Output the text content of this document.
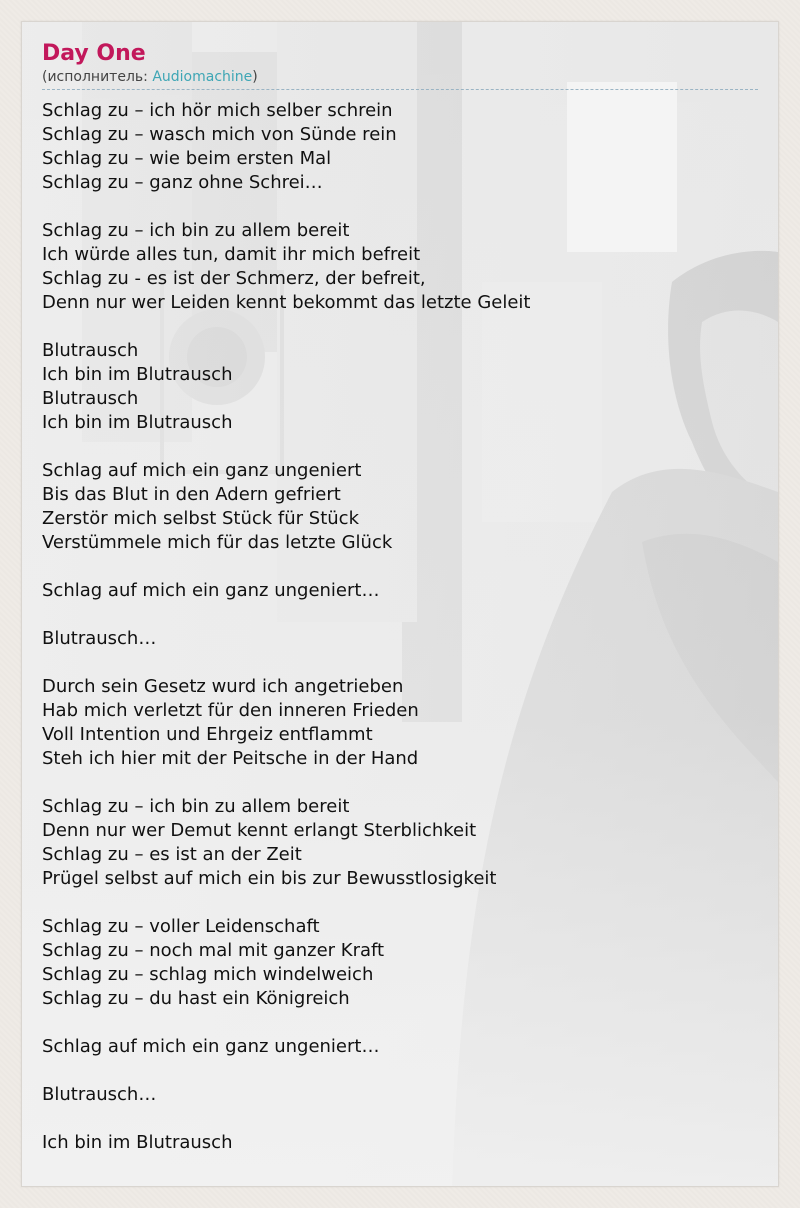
Day One

(исполнитель: Audiomachine)

Schlag zu – ich hör mich selber schrein
Schlag zu – wasch mich von Sünde rein
Schlag zu – wie beim ersten Mal
Schlag zu – ganz ohne Schrei…
Schlag zu – ich bin zu allem bereit
Ich würde alles tun, damit ihr mich befreit
Schlag zu - es ist der Schmerz, der befreit,
Denn nur wer Leiden kennt bekommt das letzte Geleit
Blutrausch
Ich bin im Blutrausch
Blutrausch
Ich bin im Blutrausch
Schlag auf mich ein ganz ungeniert
Bis das Blut in den Adern gefriert
Zerstör mich selbst Stück für Stück
Verstümmele mich für das letzte Glück
Schlag auf mich ein ganz ungeniert…
Blutrausch…
Durch sein Gesetz wurd ich angetrieben
Hab mich verletzt für den inneren Frieden
Voll Intention und Ehrgeiz entflammt
Steh ich hier mit der Peitsche in der Hand
Schlag zu – ich bin zu allem bereit
Denn nur wer Demut kennt erlangt Sterblichkeit
Schlag zu – es ist an der Zeit
Prügel selbst auf mich ein bis zur Bewusstlosigkeit
Schlag zu – voller Leidenschaft
Schlag zu – noch mal mit ganzer Kraft
Schlag zu – schlag mich windelweich
Schlag zu – du hast ein Königreich
Schlag auf mich ein ganz ungeniert…
Blutrausch…
Ich bin im Blutrausch
